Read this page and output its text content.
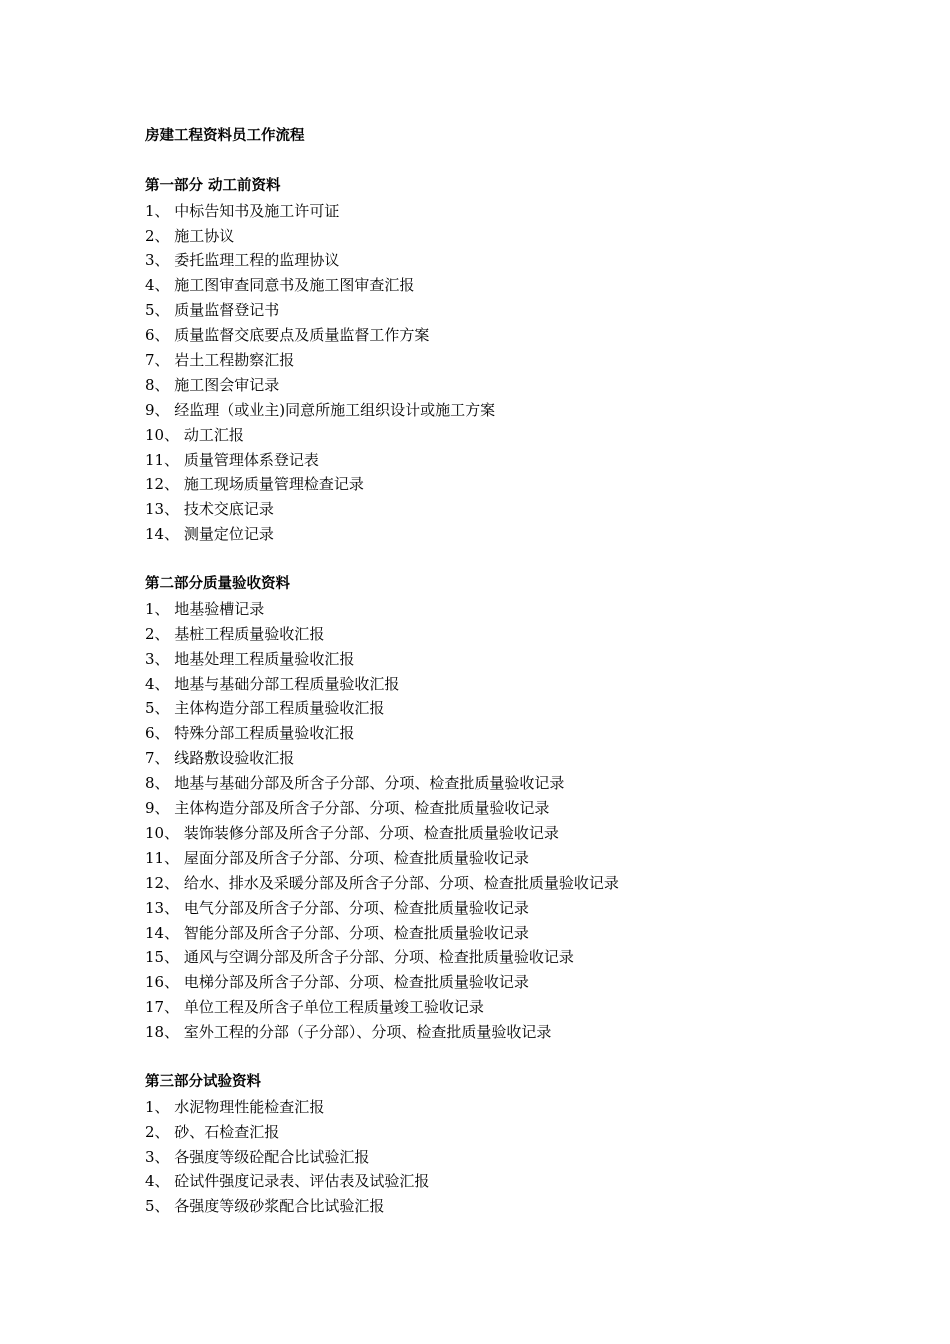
房建工程资料员工作流程
第一部分 动工前资料
1、 中标告知书及施工许可证
2、 施工协议
3、 委托监理工程的监理协议
4、 施工图审查同意书及施工图审查汇报
5、 质量监督登记书
6、 质量监督交底要点及质量监督工作方案
7、 岩土工程勘察汇报
8、 施工图会审记录
9、 经监理（或业主)同意所施工组织设计或施工方案
10、 动工汇报
11、 质量管理体系登记表
12、 施工现场质量管理检查记录
13、 技术交底记录
14、 测量定位记录
第二部分质量验收资料
1、 地基验槽记录
2、 基桩工程质量验收汇报
3、 地基处理工程质量验收汇报
4、 地基与基础分部工程质量验收汇报
5、 主体构造分部工程质量验收汇报
6、 特殊分部工程质量验收汇报
7、 线路敷设验收汇报
8、 地基与基础分部及所含子分部、分项、检查批质量验收记录
9、 主体构造分部及所含子分部、分项、检查批质量验收记录
10、 装饰装修分部及所含子分部、分项、检查批质量验收记录
11、 屋面分部及所含子分部、分项、检查批质量验收记录
12、 给水、排水及采暖分部及所含子分部、分项、检查批质量验收记录
13、 电气分部及所含子分部、分项、检查批质量验收记录
14、 智能分部及所含子分部、分项、检查批质量验收记录
15、 通风与空调分部及所含子分部、分项、检查批质量验收记录
16、 电梯分部及所含子分部、分项、检查批质量验收记录
17、 单位工程及所含子单位工程质量竣工验收记录
18、 室外工程的分部（子分部）、分项、检查批质量验收记录
第三部分试验资料
1、 水泥物理性能检查汇报
2、 砂、石检查汇报
3、 各强度等级砼配合比试验汇报
4、 砼试件强度记录表、评估表及试验汇报
5、 各强度等级砂浆配合比试验汇报
